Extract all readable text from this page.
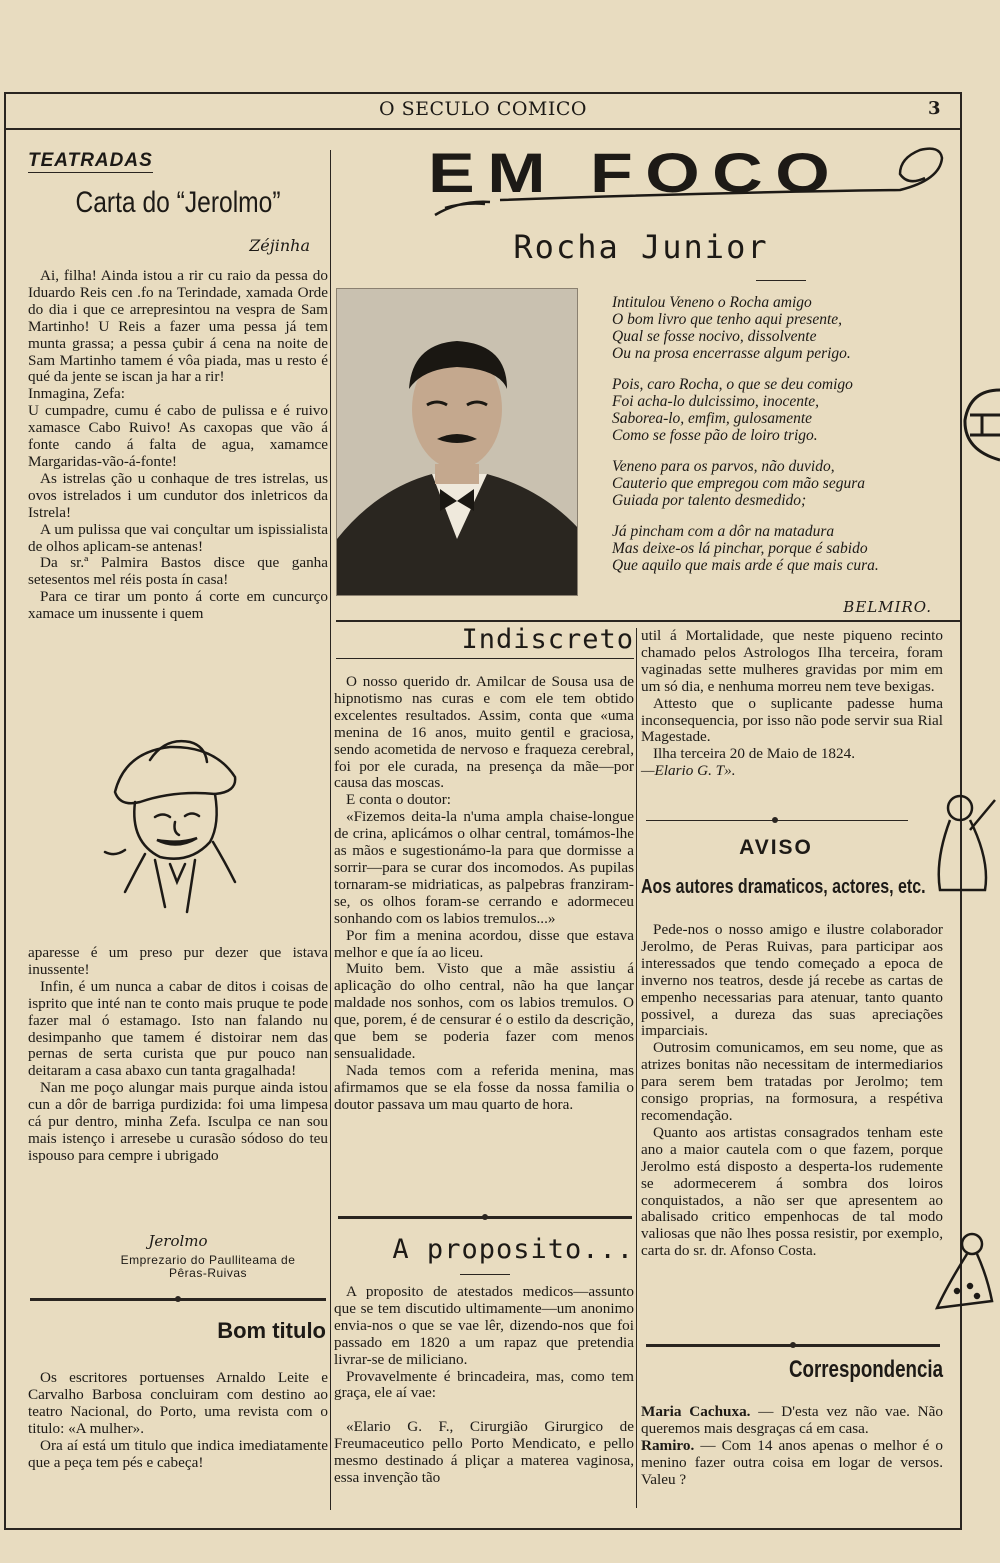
O SECULO COMICO	3
TEATRADAS
Carta do “Jerolmo”
Zéjinha

Ai, filha! Ainda istou a rir cu raio da pessa do Iduardo Reis cen .fo na Terindade, xamada Orde do dia i que ce arrepresintou na vespra de Sam Martinho! U Reis a fazer uma pessa já tem munta grassa; a pessa çubir á cena na noite de Sam Martinho tamem é vôa piada, mas u resto é qué da jente se iscan ja har a rir!

Inmagina, Zefa:

U cumpadre, cumu é cabo de pulissa e é ruivo xamasce Cabo Ruivo! As caxopas que vão á fonte cando á falta de agua, xamamce Margaridas-vão-á-fonte!

As istrelas ção u conhaque de tres istrelas, us ovos istrelados i um cundutor dos inletricos da Istrela!

A um pulissa que vai conçultar um ispissialista de olhos aplicam-se antenas!

Da sr.ª Palmira Bastos disce que ganha setesentos mel réis posta ín casa!

Para ce tirar um ponto á corte em cuncurço xamace um inussente i quem

aparesse é um preso pur dezer que istava inussente!

Infin, é um nunca a cabar de ditos i coisas de isprito que inté nan te conto mais pruque te pode fazer mal ó estamago. Isto nan falando nu desimpanho que tamem é distoirar nem das pernas de serta curista que pur pouco nan deitaram a casa abaxo cun tanta gragalhada!

Nan me poço alungar mais purque ainda istou cun a dôr de barriga purdizida: foi uma limpesa cá pur dentro, minha Zefa. Isculpa ce nan sou mais istenço i arresebe u curasão sódoso do teu ispouso para cempre i ubrigado

Jerolmo
Emprezario do Paulliteama de Pêras-Ruivas
Bom titulo

Os escritores portuenses Arnaldo Leite e Carvalho Barbosa concluiram com destino ao teatro Nacional, do Porto, uma revista com o titulo: «A mulher».

Ora aí está um titulo que indica imediatamente que a peça tem pés e cabeça!

EM FOCO
Rocha Junior
Intitulou Veneno o Rocha amigo
O bom livro que tenho aqui presente,
Qual se fosse nocivo, dissolvente
Ou na prosa encerrasse algum perigo.
Pois, caro Rocha, o que se deu comigo
Foi acha-lo dulcissimo, inocente,
Saborea-lo, emfim, gulosamente
Como se fosse pão de loiro trigo.
Veneno para os parvos, não duvido,
Cauterio que empregou com mão segura
Guiada por talento desmedido;
Já pincham com a dôr na matadura
Mas deixe-os lá pinchar, porque é sabido
Que aquilo que mais arde é que mais cura.
BELMIRO.
Indiscreto

O nosso querido dr. Amilcar de Sousa usa de hipnotismo nas curas e com ele tem obtido excelentes resultados. Assim, conta que «uma menina de 16 anos, muito gentil e graciosa, sendo acometida de nervoso e fraqueza cerebral, foi por ele curada, na presença da mãe—por causa das moscas.

E conta o doutor:

«Fizemos deita-la n'uma ampla chaise-longue de crina, aplicámos o olhar central, tomámos-lhe as mãos e sugestionámo-la para que dormisse a sorrir—para se curar dos incomodos. As pupilas tornaram-se midriaticas, as palpebras franziram-se, os olhos foram-se cerrando e adormeceu sonhando com os labios tremulos...»

Por fim a menina acordou, disse que estava melhor e que ía ao liceu.

Muito bem. Visto que a mãe assistiu á aplicação do olho central, não ha que lançar maldade nos sonhos, com os labios tremulos. O que, porem, é de censurar é o estilo da descrição, que bem se poderia fazer com menos sensualidade.

Nada temos com a referida menina, mas afirmamos que se ela fosse da nossa familia o doutor passava um mau quarto de hora.

A proposito...

A proposito de atestados medicos—assunto que se tem discutido ultimamente—um anonimo envia-nos o que se vae lêr, dizendo-nos que foi passado em 1820 a um rapaz que pretendia livrar-se de miliciano.

Provavelmente é brincadeira, mas, como tem graça, ele aí vae:

«Elario G. F., Cirurgião Girurgico de Freumaceutico pello Porto Mendicato, e pello mesmo destinado á pliçar a materea vaginosa, essa invenção tão

util á Mortalidade, que neste piqueno recinto chamado pelos Astrologos Ilha terceira, foram vaginadas sette mulheres gravidas por mim em um só dia, e nenhuma morreu nem teve bexigas.

Attesto que o suplicante padesse huma inconsequencia, por isso não pode servir sua Rial Magestade.

Ilha terceira 20 de Maio de 1824.

—Elario G. T».

AVISO
Aos autores dramaticos, actores, etc.

Pede-nos o nosso amigo e ilustre colaborador Jerolmo, de Peras Ruivas, para participar aos interessados que tendo começado a epoca de inverno nos teatros, desde já recebe as cartas de empenho necessarias para atenuar, tanto quanto possivel, a dureza das suas apreciações imparciais.

Outrosim comunicamos, em seu nome, que as atrizes bonitas não necessitam de intermediarios para serem bem tratadas por Jerolmo; tem consigo proprias, na formosura, a respétiva recomendação.

Quanto aos artistas consagrados tenham este ano a maior cautela com o que fazem, porque Jerolmo está disposto a desperta-los rudemente se adormecerem á sombra dos loiros conquistados, a não ser que apresentem ao abalisado critico empenhocas de tal modo valiosas que não lhes possa resistir, por exemplo, carta do sr. dr. Afonso Costa.

Correspondencia

Maria Cachuxa. — D'esta vez não vae. Não queremos mais desgraças cá em casa.

Ramiro. — Com 14 anos apenas o melhor é o menino fazer outra coisa em logar de versos. Valeu ?
